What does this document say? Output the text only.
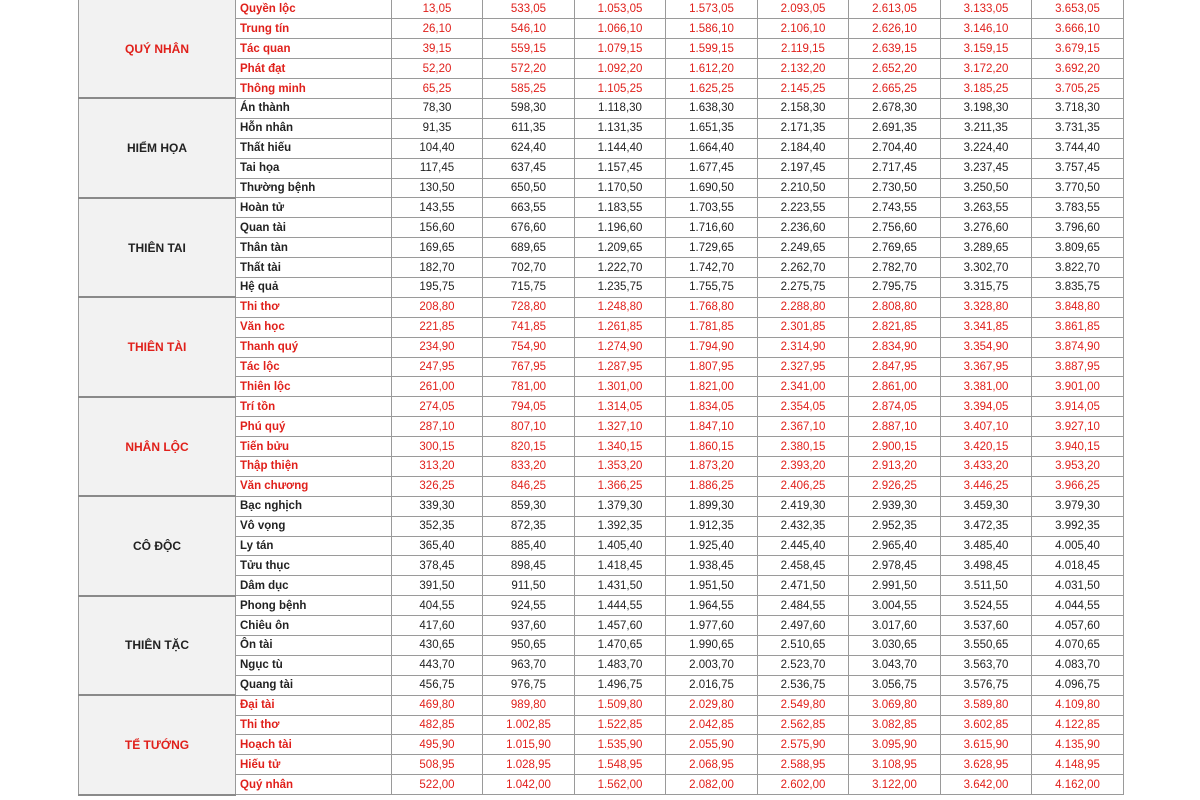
QUÝ NHÂN	Quyền lộc	13,05	533,05	1.053,05	1.573,05	2.093,05	2.613,05	3.133,05	3.653,05
	Trung tín	26,10	546,10	1.066,10	1.586,10	2.106,10	2.626,10	3.146,10	3.666,10
	Tác quan	39,15	559,15	1.079,15	1.599,15	2.119,15	2.639,15	3.159,15	3.679,15
	Phát đạt	52,20	572,20	1.092,20	1.612,20	2.132,20	2.652,20	3.172,20	3.692,20
	Thông minh	65,25	585,25	1.105,25	1.625,25	2.145,25	2.665,25	3.185,25	3.705,25
HIỂM HỌA	Án thành	78,30	598,30	1.118,30	1.638,30	2.158,30	2.678,30	3.198,30	3.718,30
	Hỗn nhân	91,35	611,35	1.131,35	1.651,35	2.171,35	2.691,35	3.211,35	3.731,35
	Thất hiếu	104,40	624,40	1.144,40	1.664,40	2.184,40	2.704,40	3.224,40	3.744,40
	Tai họa	117,45	637,45	1.157,45	1.677,45	2.197,45	2.717,45	3.237,45	3.757,45
	Thường bệnh	130,50	650,50	1.170,50	1.690,50	2.210,50	2.730,50	3.250,50	3.770,50
THIÊN TAI	Hoàn tử	143,55	663,55	1.183,55	1.703,55	2.223,55	2.743,55	3.263,55	3.783,55
	Quan tài	156,60	676,60	1.196,60	1.716,60	2.236,60	2.756,60	3.276,60	3.796,60
	Thân tàn	169,65	689,65	1.209,65	1.729,65	2.249,65	2.769,65	3.289,65	3.809,65
	Thất tài	182,70	702,70	1.222,70	1.742,70	2.262,70	2.782,70	3.302,70	3.822,70
	Hệ quả	195,75	715,75	1.235,75	1.755,75	2.275,75	2.795,75	3.315,75	3.835,75
THIÊN TÀI	Thi thơ	208,80	728,80	1.248,80	1.768,80	2.288,80	2.808,80	3.328,80	3.848,80
	Văn học	221,85	741,85	1.261,85	1.781,85	2.301,85	2.821,85	3.341,85	3.861,85
	Thanh quý	234,90	754,90	1.274,90	1.794,90	2.314,90	2.834,90	3.354,90	3.874,90
	Tác lộc	247,95	767,95	1.287,95	1.807,95	2.327,95	2.847,95	3.367,95	3.887,95
	Thiên lộc	261,00	781,00	1.301,00	1.821,00	2.341,00	2.861,00	3.381,00	3.901,00
NHÂN LỘC	Trí tồn	274,05	794,05	1.314,05	1.834,05	2.354,05	2.874,05	3.394,05	3.914,05
	Phú quý	287,10	807,10	1.327,10	1.847,10	2.367,10	2.887,10	3.407,10	3.927,10
	Tiến bửu	300,15	820,15	1.340,15	1.860,15	2.380,15	2.900,15	3.420,15	3.940,15
	Thập thiện	313,20	833,20	1.353,20	1.873,20	2.393,20	2.913,20	3.433,20	3.953,20
	Văn chương	326,25	846,25	1.366,25	1.886,25	2.406,25	2.926,25	3.446,25	3.966,25
CÔ ĐỘC	Bạc nghịch	339,30	859,30	1.379,30	1.899,30	2.419,30	2.939,30	3.459,30	3.979,30
	Vô vọng	352,35	872,35	1.392,35	1.912,35	2.432,35	2.952,35	3.472,35	3.992,35
	Ly tán	365,40	885,40	1.405,40	1.925,40	2.445,40	2.965,40	3.485,40	4.005,40
	Tửu thục	378,45	898,45	1.418,45	1.938,45	2.458,45	2.978,45	3.498,45	4.018,45
	Dâm dục	391,50	911,50	1.431,50	1.951,50	2.471,50	2.991,50	3.511,50	4.031,50
THIÊN TẶC	Phong bệnh	404,55	924,55	1.444,55	1.964,55	2.484,55	3.004,55	3.524,55	4.044,55
	Chiêu ôn	417,60	937,60	1.457,60	1.977,60	2.497,60	3.017,60	3.537,60	4.057,60
	Ôn tài	430,65	950,65	1.470,65	1.990,65	2.510,65	3.030,65	3.550,65	4.070,65
	Ngục tù	443,70	963,70	1.483,70	2.003,70	2.523,70	3.043,70	3.563,70	4.083,70
	Quang tài	456,75	976,75	1.496,75	2.016,75	2.536,75	3.056,75	3.576,75	4.096,75
TỂ TƯỚNG	Đại tài	469,80	989,80	1.509,80	2.029,80	2.549,80	3.069,80	3.589,80	4.109,80
	Thi thơ	482,85	1.002,85	1.522,85	2.042,85	2.562,85	3.082,85	3.602,85	4.122,85
	Hoạch tài	495,90	1.015,90	1.535,90	2.055,90	2.575,90	3.095,90	3.615,90	4.135,90
	Hiếu tử	508,95	1.028,95	1.548,95	2.068,95	2.588,95	3.108,95	3.628,95	4.148,95
	Quý nhân	522,00	1.042,00	1.562,00	2.082,00	2.602,00	3.122,00	3.642,00	4.162,00
